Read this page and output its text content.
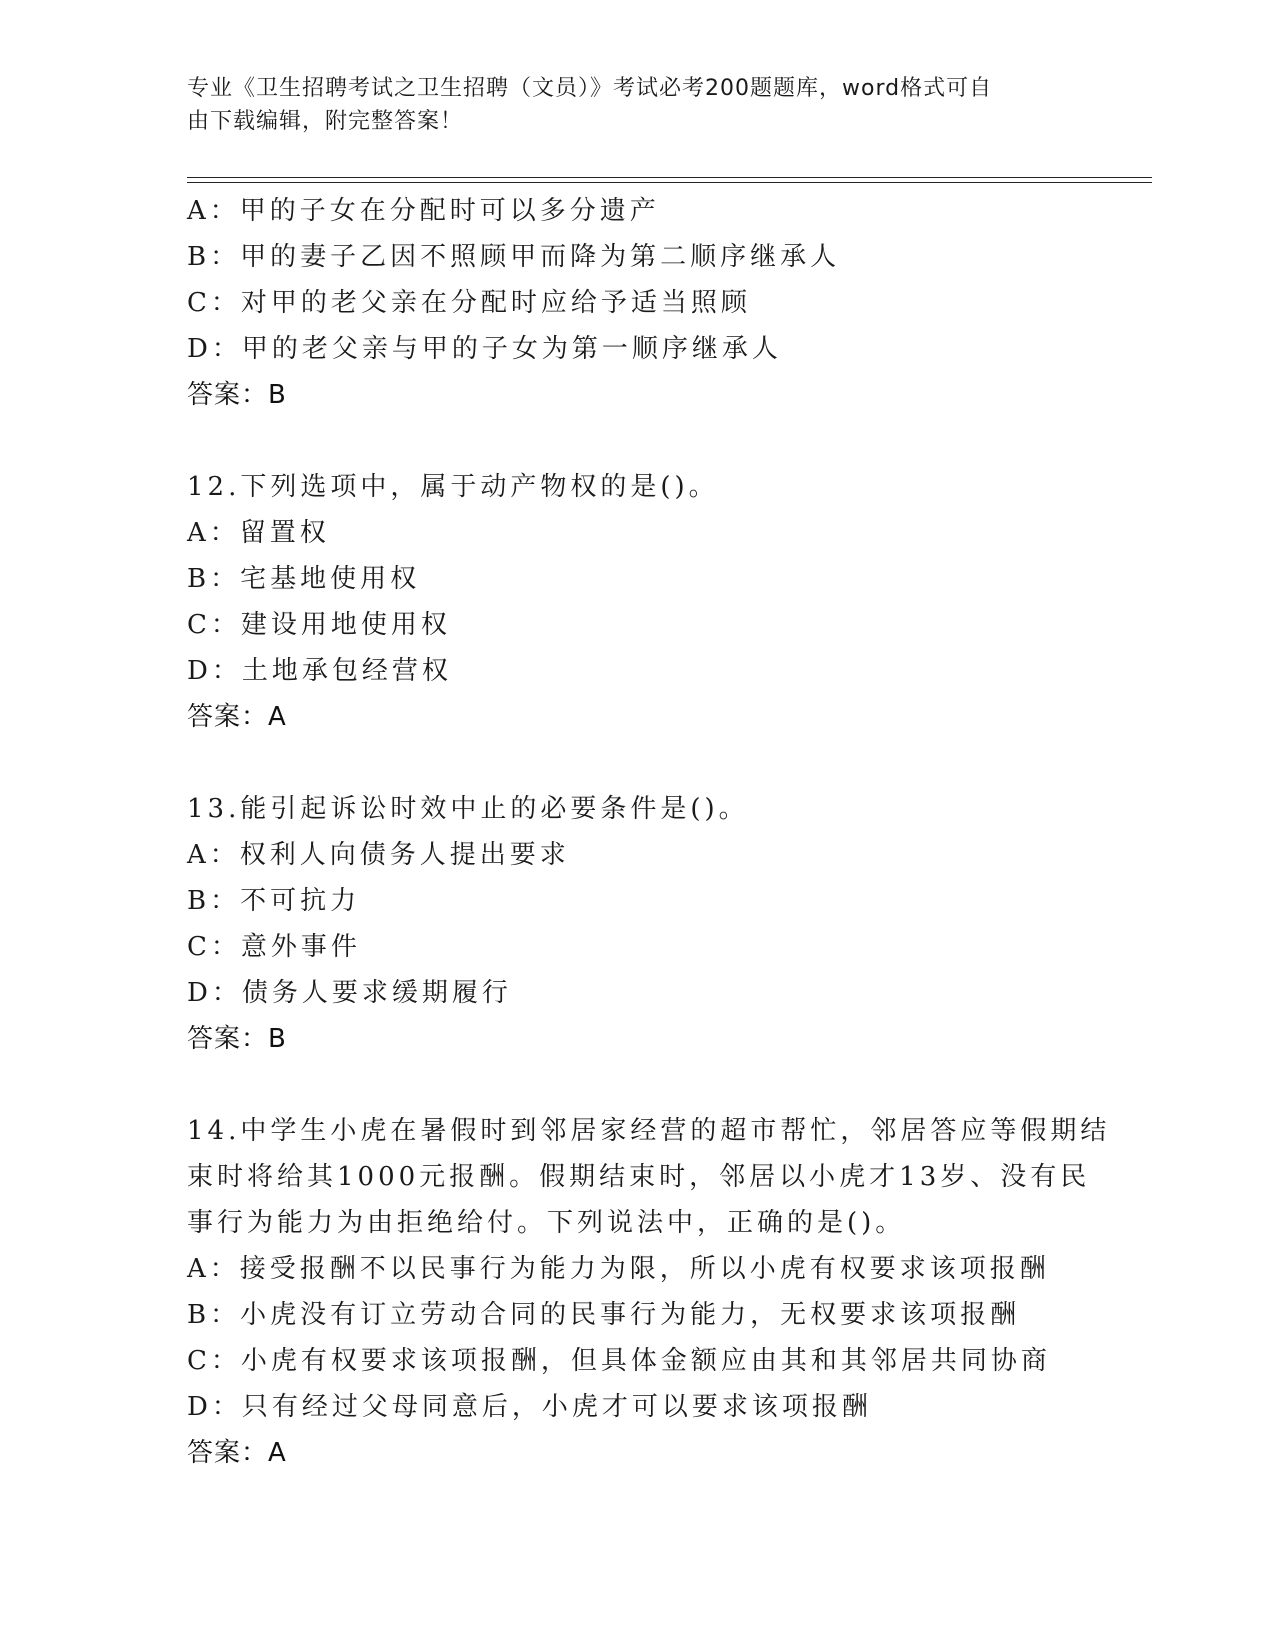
专业《卫生招聘考试之卫生招聘（文员）》考试必考200题题库，word格式可自
由下载编辑，附完整答案！
A：甲的子女在分配时可以多分遗产
B：甲的妻子乙因不照顾甲而降为第二顺序继承人
C：对甲的老父亲在分配时应给予适当照顾
D：甲的老父亲与甲的子女为第一顺序继承人
答案：B
12.下列选项中，属于动产物权的是()。
A：留置权
B：宅基地使用权
C：建设用地使用权
D：土地承包经营权
答案：A
13.能引起诉讼时效中止的必要条件是()。
A：权利人向债务人提出要求
B：不可抗力
C：意外事件
D：债务人要求缓期履行
答案：B
14.中学生小虎在暑假时到邻居家经营的超市帮忙，邻居答应等假期结
束时将给其1000元报酬。假期结束时，邻居以小虎才13岁、没有民
事行为能力为由拒绝给付。下列说法中，正确的是()。
A：接受报酬不以民事行为能力为限，所以小虎有权要求该项报酬
B：小虎没有订立劳动合同的民事行为能力，无权要求该项报酬
C：小虎有权要求该项报酬，但具体金额应由其和其邻居共同协商
D：只有经过父母同意后，小虎才可以要求该项报酬
答案：A
